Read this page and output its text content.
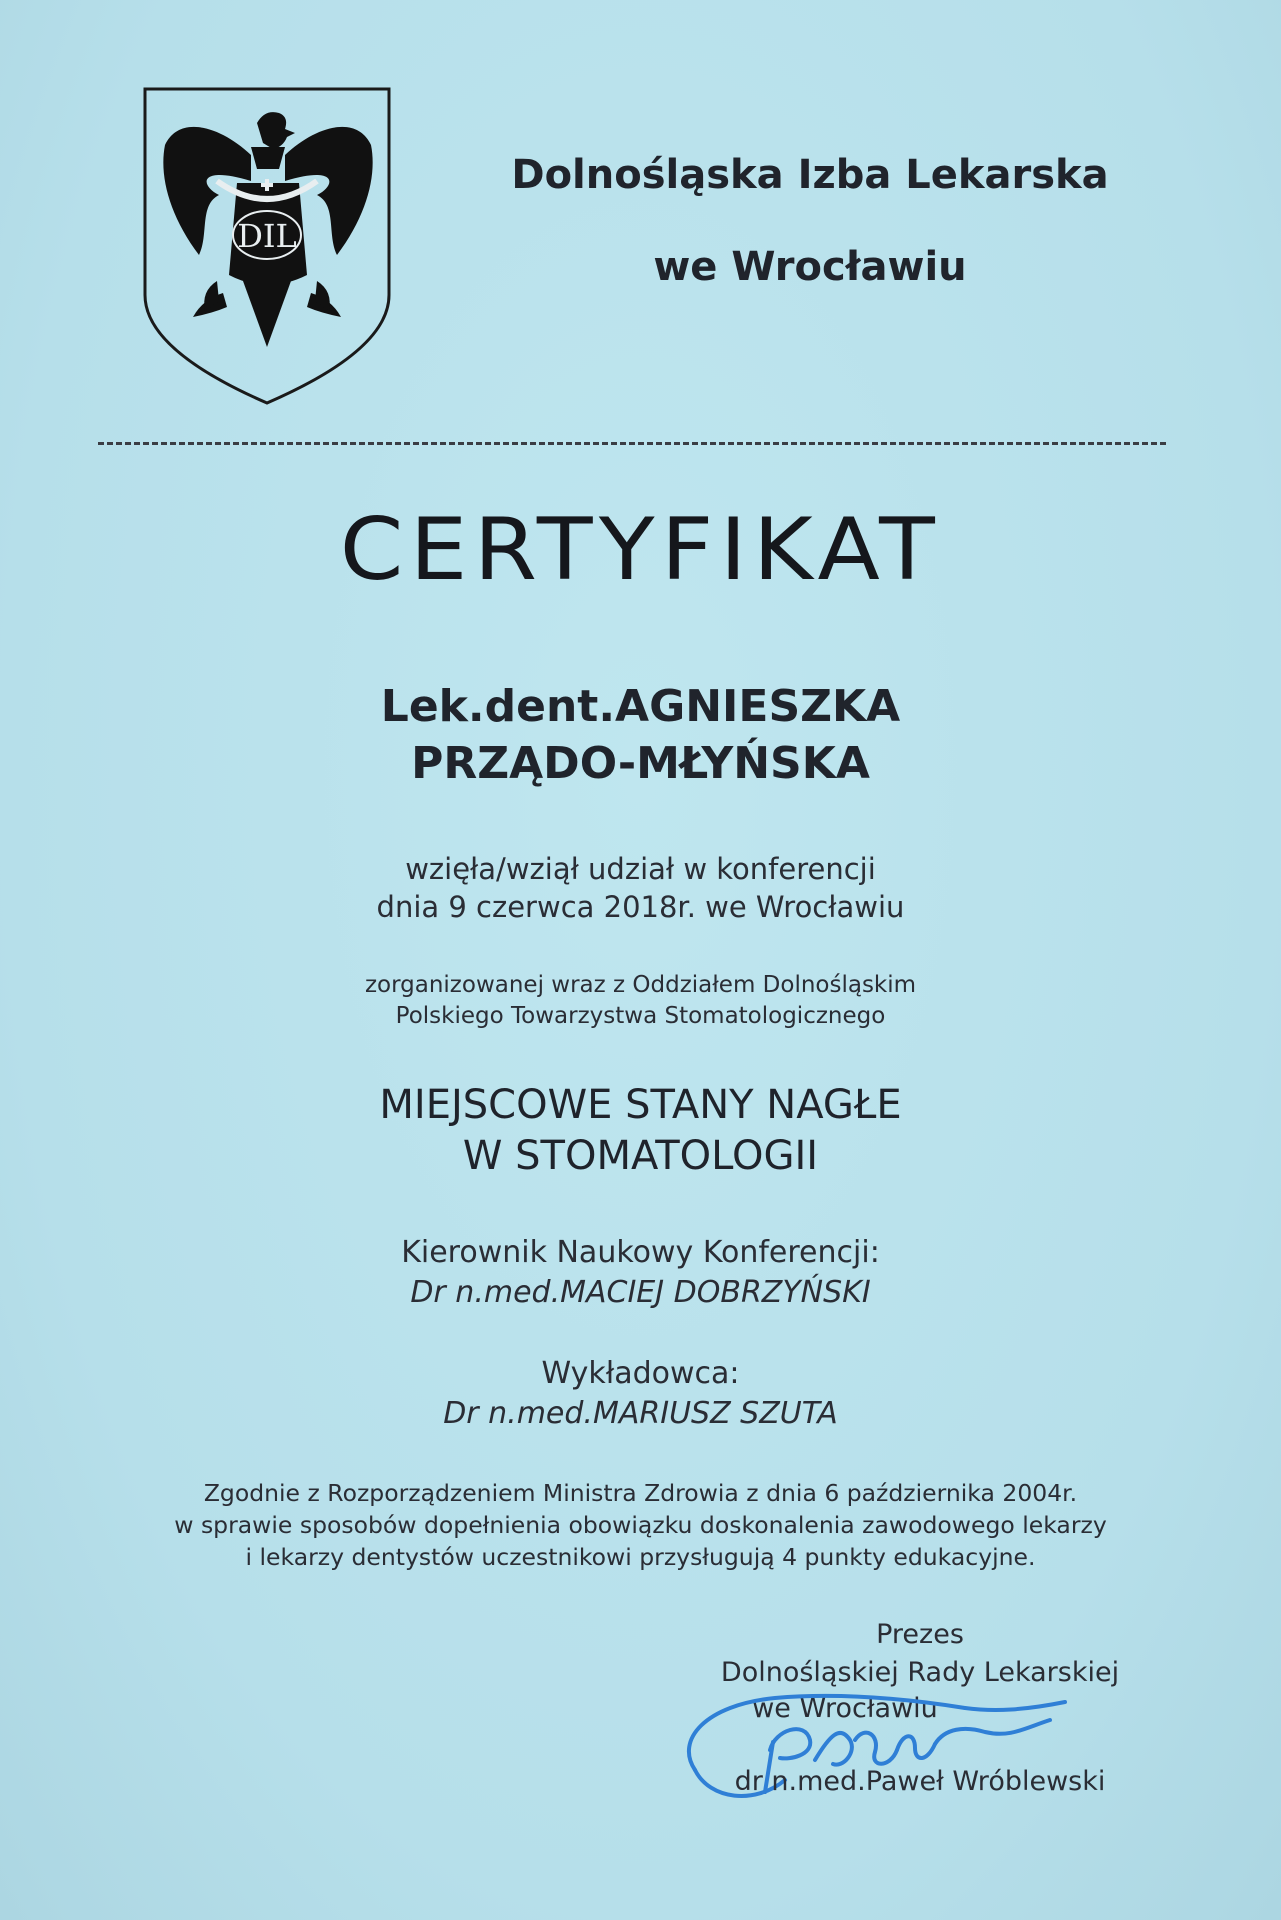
DIL
Dolnośląska Izba Lekarska
we Wrocławiu
CERTYFIKAT
Lek.dent.AGNIESZKA
PRZĄDO-MŁYŃSKA
wzięła/wziął udział w konferencji
dnia 9 czerwca 2018r. we Wrocławiu
zorganizowanej wraz z Oddziałem Dolnośląskim
Polskiego Towarzystwa Stomatologicznego
MIEJSCOWE STANY NAGŁE
W STOMATOLOGII
Kierownik Naukowy Konferencji:
Dr n.med.MACIEJ DOBRZYŃSKI
Wykładowca:
Dr n.med.MARIUSZ SZUTA
Zgodnie z Rozporządzeniem Ministra Zdrowia z dnia 6 października 2004r.
w sprawie sposobów dopełnienia obowiązku doskonalenia zawodowego lekarzy
i lekarzy dentystów uczestnikowi przysługują 4 punkty edukacyjne.
Prezes
Dolnośląskiej Rady Lekarskiej
we Wrocławiu
dr n.med.Paweł Wróblewski
